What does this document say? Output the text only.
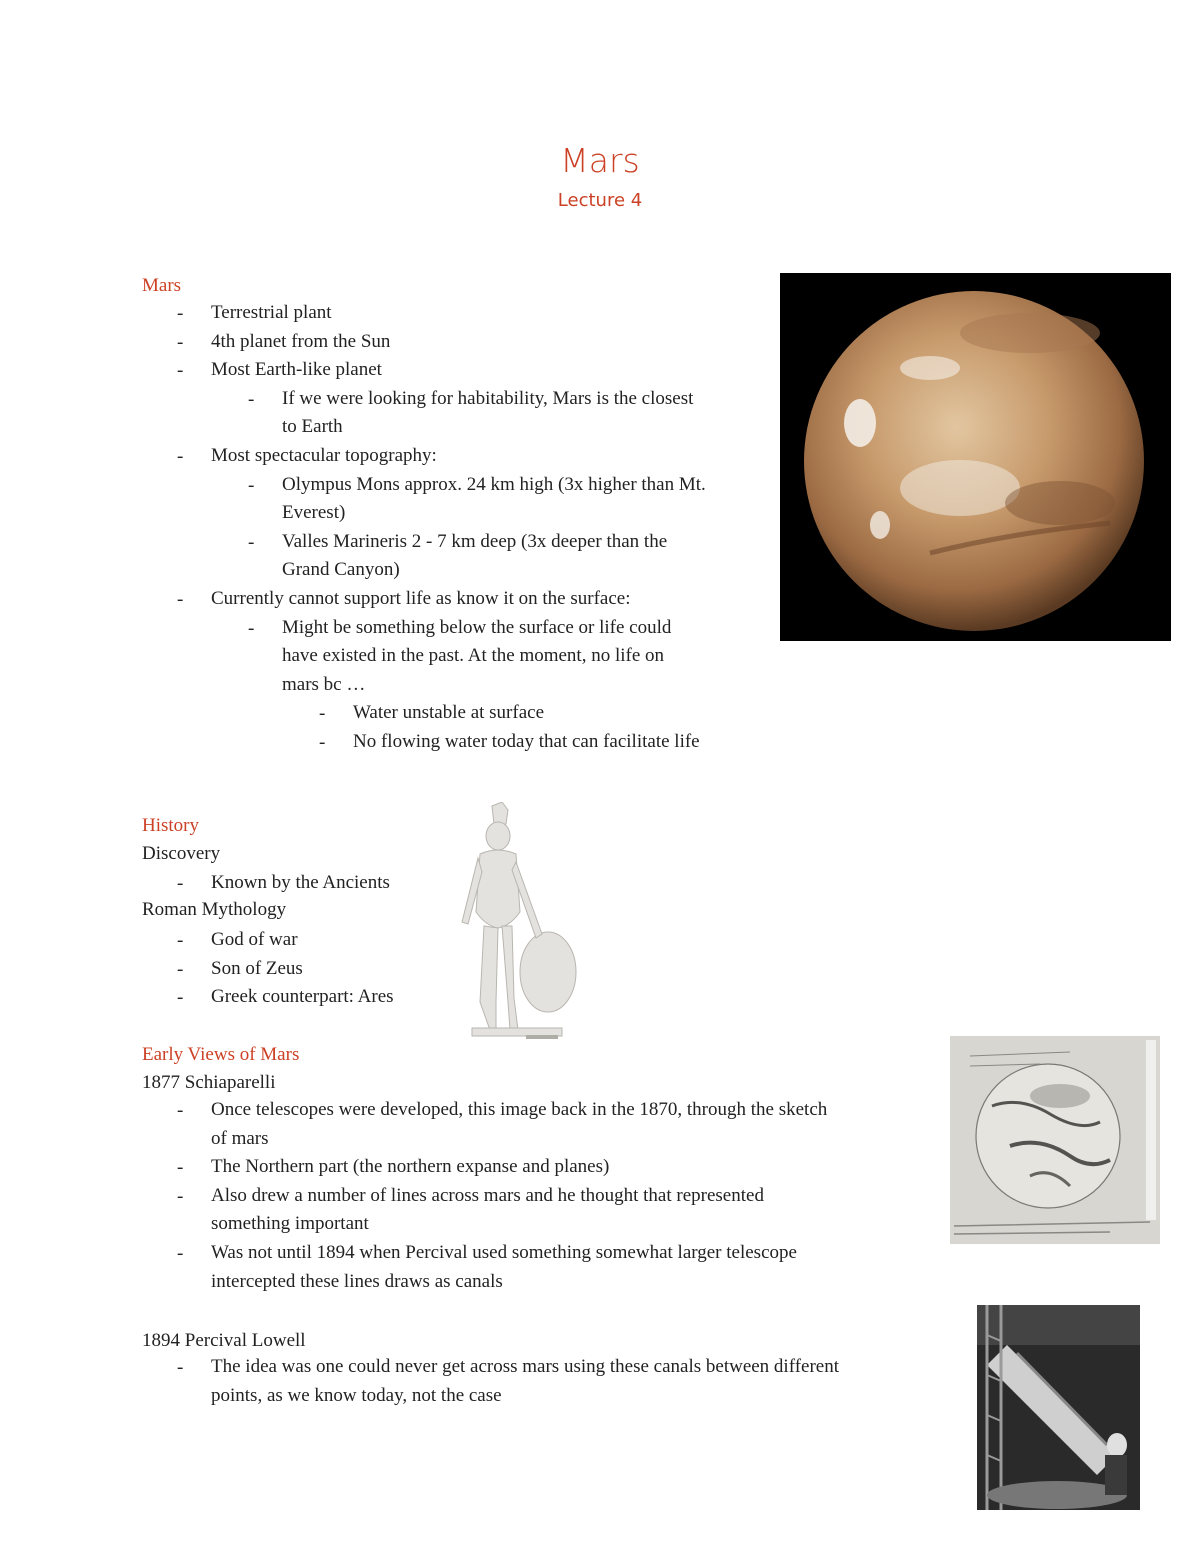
Mars
Lecture 4
Mars
- Terrestrial plant
- 4th planet from the Sun
- Most Earth-like planet
- If we were looking for habitability, Mars is the closest
to Earth
- Most spectacular topography:
- Olympus Mons approx. 24 km high (3x higher than Mt.
Everest)
- Valles Marineris 2 - 7 km deep (3x deeper than the
Grand Canyon)
- Currently cannot support life as know it on the surface:
- Might be something below the surface or life could
have existed in the past. At the moment, no life on
mars bc …
- Water unstable at surface
- No flowing water today that can facilitate life
History
Discovery
- Known by the Ancients
Roman Mythology
- God of war
- Son of Zeus
- Greek counterpart: Ares
Early Views of Mars
1877 Schiaparelli
- Once telescopes were developed, this image back in the 1870, through the sketch
of mars
- The Northern part (the northern expanse and planes)
- Also drew a number of lines across mars and he thought that represented
something important
- Was not until 1894 when Percival used something somewhat larger telescope
intercepted these lines draws as canals
1894 Percival Lowell
- The idea was one could never get across mars using these canals between different
points, as we know today, not the case
